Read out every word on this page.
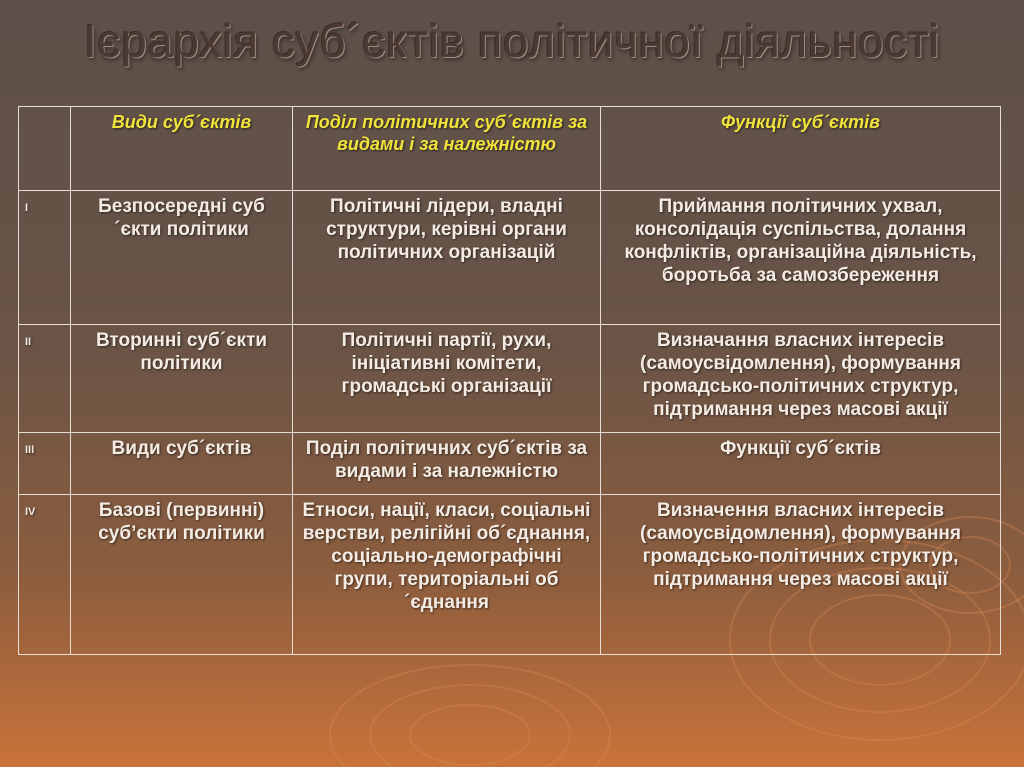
Ієрархія суб´єктів політичної діяльності
	Види суб´єктів	Поділ політичних суб´єктів за видами і за належністю	Функції суб´єктів
I	Безпосередні суб´єкти політики	Політичні лідери, владні структури, керівні органи політичних організацій	Приймання політичних ухвал, консолідація суспільства, долання конфліктів, організаційна діяльність, боротьба за самозбереження
II	Вторинні суб´єкти політики	Політичні партії, рухи, ініціативні комітети, громадські організації	Визначання власних інтересів (самоусвідомлення), формування громадсько-політичних структур, підтримання через масові акції
III	Види суб´єктів	Поділ політичних суб´єктів за видами і за належністю	Функції суб´єктів
IV	Базові (первинні) суб’єкти політики	Етноси, нації, класи, соціальні верстви, релігійні об´єднання, соціально-демографічні групи, територіальні об´єднання	Визначення власних інтересів (самоусвідомлення), формування громадсько-політичних структур, підтримання через масові акції
